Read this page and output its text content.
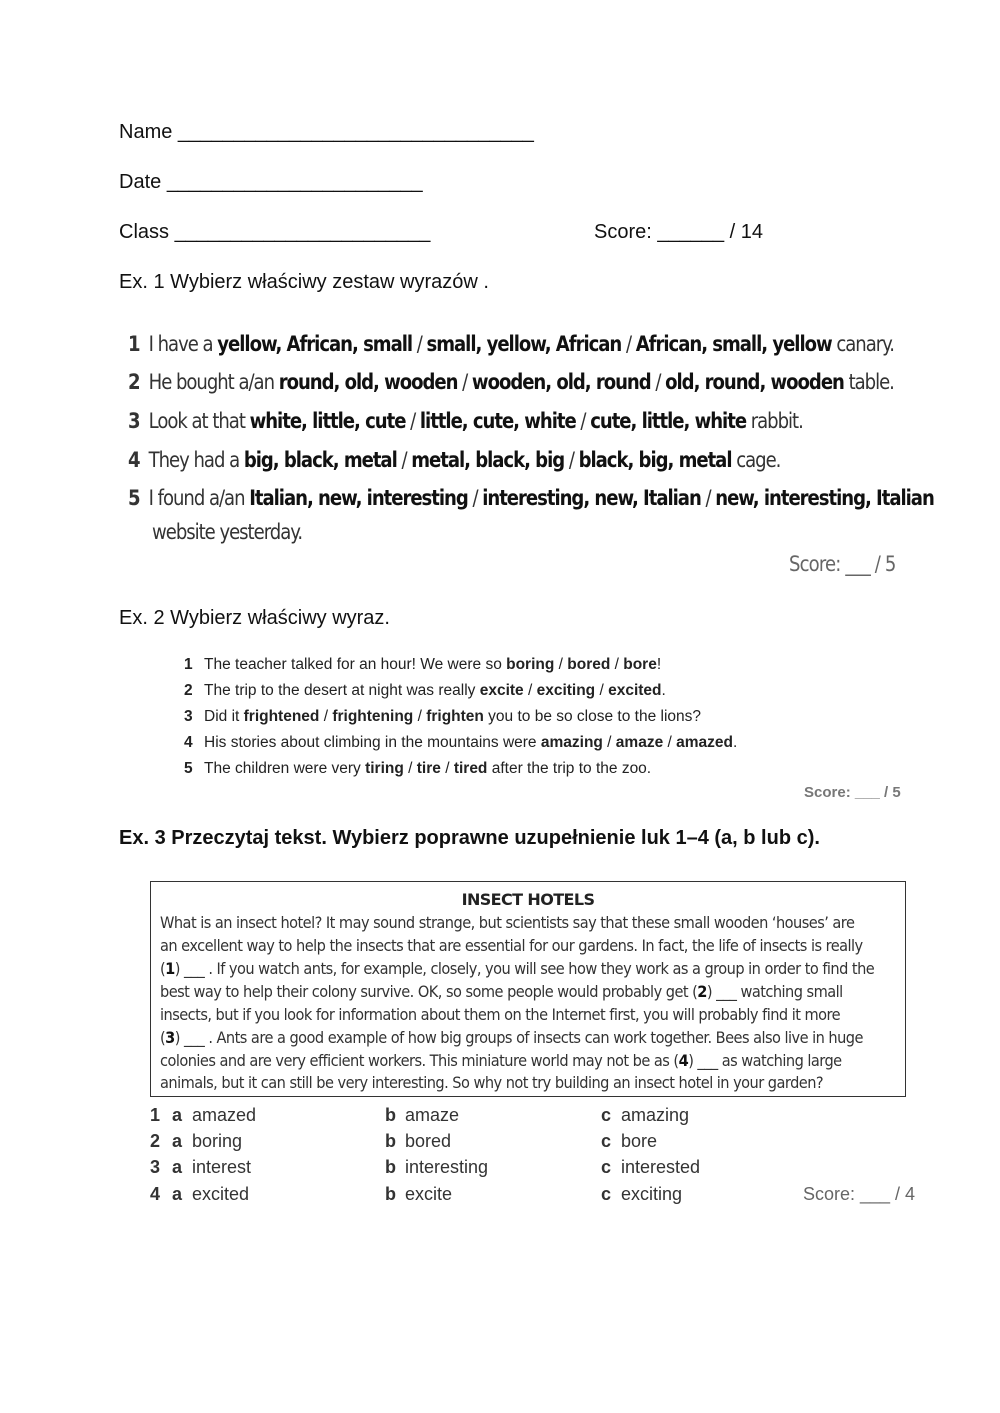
Name ________________________________
Date _______________________
Class _______________________	Score: ______ / 14
Ex. 1 Wybierz właściwy zestaw wyrazów .
1 I have a yellow, African, small / small, yellow, African / African, small, yellow canary.
2 He bought a/an round, old, wooden / wooden, old, round / old, round, wooden table.
3 Look at that white, little, cute / little, cute, white / cute, little, white rabbit.
4 They had a big, black, metal / metal, black, big / black, big, metal cage.
5 I found a/an Italian, new, interesting / interesting, new, Italian / new, interesting, Italian
website yesterday.
Score: ___ / 5
Ex. 2 Wybierz właściwy wyraz.
1 The teacher talked for an hour! We were so boring / bored / bore!
2 The trip to the desert at night was really excite / exciting / excited.
3 Did it frightened / frightening / frighten you to be so close to the lions?
4 His stories about climbing in the mountains were amazing / amaze / amazed.
5 The children were very tiring / tire / tired after the trip to the zoo.
Score: ___ / 5
Ex. 3 Przeczytaj tekst. Wybierz poprawne uzupełnienie luk 1–4 (a, b lub c).
INSECT HOTELS
What is an insect hotel? It may sound strange, but scientists say that these small wooden ‘houses’ are
an excellent way to help the insects that are essential for our gardens. In fact, the life of insects is really
(1) ___ . If you watch ants, for example, closely, you will see how they work as a group in order to find the
best way to help their colony survive. OK, so some people would probably get (2) ___ watching small
insects, but if you look for information about them on the Internet first, you will probably find it more
(3) ___ . Ants are a good example of how big groups of insects can work together. Bees also live in huge
colonies and are very efficient workers. This miniature world may not be as (4) ___ as watching large
animals, but it can still be very interesting. So why not try building an insect hotel in your garden?
1 a amazed	b amaze	c amazing
2 a boring	b bored	c bore
3 a interest	b interesting	c interested
4 a excited	b excite	c exciting	Score: ___ / 4
